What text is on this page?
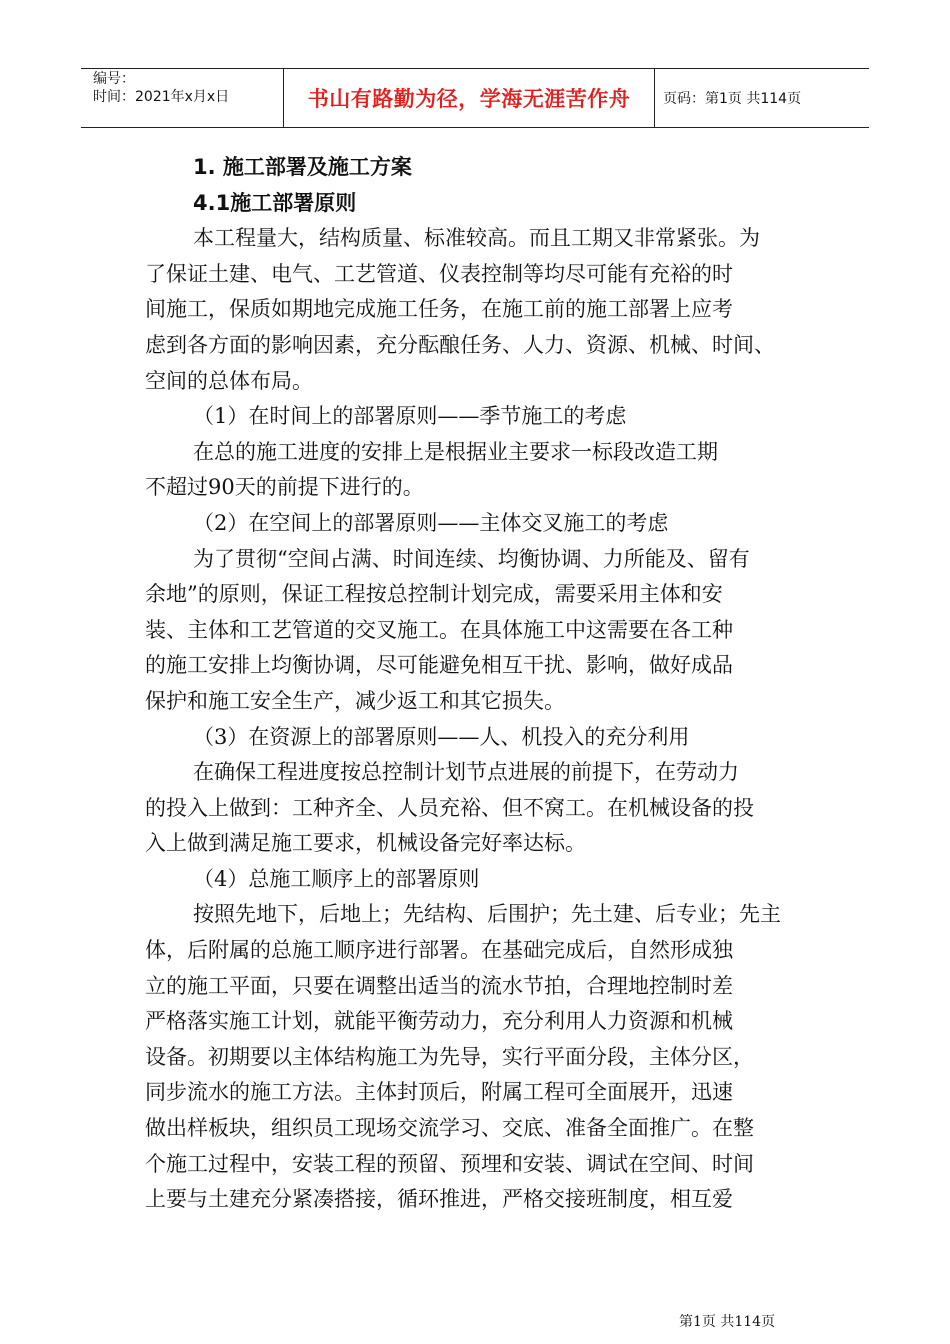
编号：
时间：2021年x月x日	书山有路勤为径，学海无涯苦作舟 页码：第1页 共114页
1. 施工部署及施工方案
4.1施工部署原则
本工程量大，结构质量、标准较高。而且工期又非常紧张。为
了保证土建、电气、工艺管道、仪表控制等均尽可能有充裕的时
间施工，保质如期地完成施工任务，在施工前的施工部署上应考
虑到各方面的影响因素，充分酝酿任务、人力、资源、机械、时间、
空间的总体布局。
（1）在时间上的部署原则——季节施工的考虑
在总的施工进度的安排上是根据业主要求一标段改造工期
不超过90天的前提下进行的。
（2）在空间上的部署原则——主体交叉施工的考虑
为了贯彻“空间占满、时间连续、均衡协调、力所能及、留有
余地”的原则，保证工程按总控制计划完成，需要采用主体和安
装、主体和工艺管道的交叉施工。在具体施工中这需要在各工种
的施工安排上均衡协调，尽可能避免相互干扰、影响，做好成品
保护和施工安全生产，减少返工和其它损失。
（3）在资源上的部署原则——人、机投入的充分利用
在确保工程进度按总控制计划节点进展的前提下，在劳动力
的投入上做到：工种齐全、人员充裕、但不窝工。在机械设备的投
入上做到满足施工要求，机械设备完好率达标。
（4）总施工顺序上的部署原则
按照先地下，后地上；先结构、后围护；先土建、后专业；先主
体，后附属的总施工顺序进行部署。在基础完成后，自然形成独
立的施工平面，只要在调整出适当的流水节拍，合理地控制时差
严格落实施工计划，就能平衡劳动力，充分利用人力资源和机械
设备。初期要以主体结构施工为先导，实行平面分段，主体分区，
同步流水的施工方法。主体封顶后，附属工程可全面展开，迅速
做出样板块，组织员工现场交流学习、交底、准备全面推广。在整
个施工过程中，安装工程的预留、预埋和安装、调试在空间、时间
上要与土建充分紧凑搭接，循环推进，严格交接班制度，相互爱
第1页 共114页
